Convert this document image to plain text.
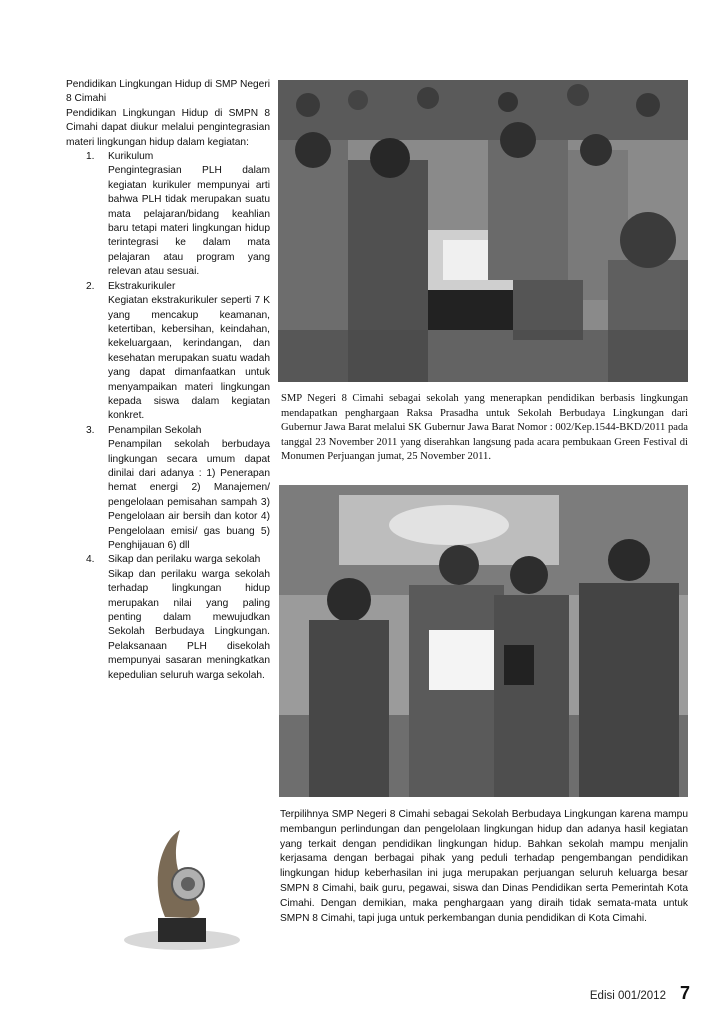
Pendidikan Lingkungan Hidup di SMP Negeri 8 Cimahi

Pendidikan Lingkungan Hidup di SMPN 8 Cimahi dapat diukur melalui pengintegrasian materi lingkungan hidup dalam kegiatan:

1. Kurikulum
Pengintegrasian PLH dalam kegiatan kurikuler mempunyai arti bahwa PLH tidak merupakan suatu mata pelajaran/bidang keahlian baru tetapi materi lingkungan hidup terintegrasi ke dalam mata pelajaran atau program yang relevan atau sesuai.
2. Ekstrakurikuler
Kegiatan ekstrakurikuler seperti 7 K yang mencakup keamanan, ketertiban, kebersihan, keindahan, kekeluargaan, kerindangan, dan kesehatan merupakan suatu wadah yang dapat dimanfaatkan untuk menyampaikan materi lingkungan kepada siswa dalam kegiatan konkret.
3. Penampilan Sekolah
Penampilan sekolah berbudaya lingkungan secara umum dapat dinilai dari adanya : 1) Penerapan hemat energi 2) Manajemen/ pengelolaan pemisahan sampah 3) Pengelolaan air bersih dan kotor 4) Pengelolaan emisi/ gas buang 5) Penghijauan 6) dll
4. Sikap dan perilaku warga sekolah
Sikap dan perilaku warga sekolah terhadap lingkungan hidup merupakan nilai yang paling penting dalam mewujudkan Sekolah Berbudaya Lingkungan. Pelaksanaan PLH disekolah mempunyai sasaran meningkatkan kepedulian seluruh warga sekolah.
SMP Negeri 8 Cimahi sebagai sekolah yang menerapkan pendidikan berbasis lingkungan mendapatkan penghargaan Raksa Prasadha untuk Sekolah Berbudaya Lingkungan dari Gubernur Jawa Barat melalui SK Gubernur Jawa Barat Nomor : 002/Kep.1544-BKD/2011 pada tanggal 23 November 2011 yang diserahkan langsung pada acara pembukaan Green Festival di Monumen Perjuangan jumat, 25 November 2011.
Terpilihnya SMP Negeri 8 Cimahi sebagai Sekolah Berbudaya Lingkungan karena mampu membangun perlindungan dan pengelolaan lingkungan hidup dan adanya hasil kegiatan yang terkait dengan pendidikan lingkungan hidup. Bahkan sekolah mampu menjalin kerjasama dengan berbagai pihak yang peduli terhadap pengembangan pendidikan lingkungan hidup keberhasilan ini juga merupakan perjuangan seluruh keluarga besar SMPN 8 Cimahi, baik guru, pegawai, siswa dan Dinas Pendidikan serta Pemerintah Kota Cimahi. Dengan demikian, maka penghargaan yang diraih tidak semata-mata untuk SMPN 8 Cimahi, tapi juga untuk perkembangan dunia pendidikan di Kota Cimahi.
Edisi 001/2012 7
